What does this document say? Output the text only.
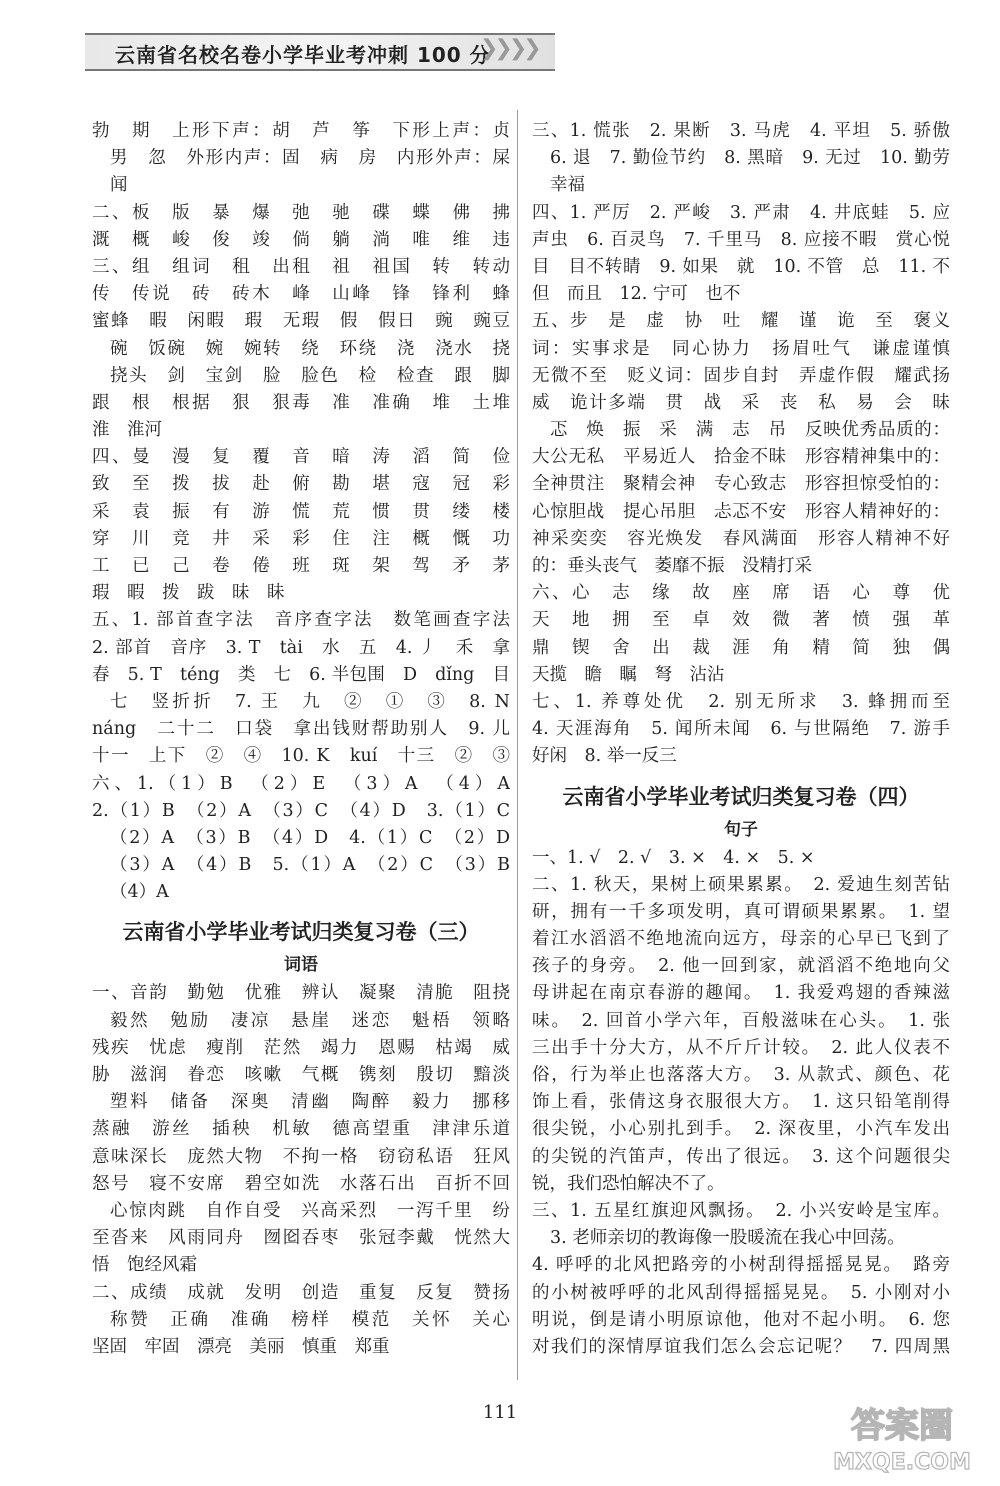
云南省名校名卷小学毕业考冲刺 100 分
❯❯❯❯
勃　期　上形下声：胡　芦　筝　下形上声：贞
男　忽　外形内声：固　病　房　内形外声：屎
闻
二、板　版　暴　爆　弛　驰　碟　蝶　佛　拂
溉　概　峻　俊　竣　倘　躺　淌　唯　维　违
三、组　组词　租　出租　祖　祖国　转　转动
传　传说　砖　砖木　峰　山峰　锋　锋利　蜂
蜜蜂　暇　闲暇　瑕　无瑕　假　假日　豌　豌豆
碗　饭碗　婉　婉转　绕　环绕　浇　浇水　挠
挠头　剑　宝剑　脸　脸色　检　检查　跟　脚
跟　根　根据　狠　狠毒　准　准确　堆　土堆
淮　淮河
四、曼　漫　复　覆　音　暗　涛　滔　简　俭
致　至　拨　拔　赴　俯　勘　堪　寇　冠　彩
采　袁　振　有　游　慌　荒　惯　贯　缕　楼
穿　川　竞　井　采　彩　住　注　概　慨　功
工　已　己　卷　倦　班　斑　架　驾　矛　茅
瑕　暇　拨　跋　昧　眛
五、1. 部首查字法　音序查字法　数笔画查字法
2. 部首　音序　3. T　tài　水　五　4. 丿　禾　拿
春　5. T　téng　类　七　6. 半包围　D　dǐng　目
七　竖折折　7. 王　九　②　①　③　8. N
náng　二十二　口袋　拿出钱财帮助别人　9. 儿
十一　上下　②　④　10. K　kuí　十三　②　③
六、1.（1）B　（2）E　（3）A　（4）A
2.（1）B　（2）A　（3）C　（4）D　3.（1）C
（2）A　（3）B　（4）D　4.（1）C　（2）D
（3）A　（4）B　5.（1）A　（2）C　（3）B
（4）A
云南省小学毕业考试归类复习卷（三）
词语
一、音韵　勤勉　优雅　辨认　凝聚　清脆　阻挠
毅然　勉励　凄凉　悬崖　迷恋　魁梧　领略
残疾　忧虑　瘦削　茫然　竭力　恩赐　枯竭　威
胁　滋润　眷恋　咳嗽　气概　镌刻　殷切　黯淡
塑料　储备　深奥　清幽　陶醉　毅力　挪移
蒸融　游丝　插秧　机敏　德高望重　津津乐道
意味深长　庞然大物　不拘一格　窃窃私语　狂风
怒号　寝不安席　碧空如洗　水落石出　百折不回
心惊肉跳　自作自受　兴高采烈　一泻千里　纷
至沓来　风雨同舟　囫囵吞枣　张冠李戴　恍然大
悟　饱经风霜
二、成绩　成就　发明　创造　重复　反复　赞扬
称赞　正确　准确　榜样　模范　关怀　关心
坚固　牢固　漂亮　美丽　慎重　郑重
三、1. 慌张　2. 果断　3. 马虎　4. 平坦　5. 骄傲
6. 退　7. 勤俭节约　8. 黑暗　9. 无过　10. 勤劳
幸福
四、1. 严厉　2. 严峻　3. 严肃　4. 井底蛙　5. 应
声虫　6. 百灵鸟　7. 千里马　8. 应接不暇　赏心悦
目　目不转睛　9. 如果　就　10. 不管　总　11. 不
但　而且　12. 宁可　也不
五、步　是　虚　协　吐　耀　谨　诡　至　褒义
词：实事求是　同心协力　扬眉吐气　谦虚谨慎
无微不至　贬义词：固步自封　弄虚作假　耀武扬
威　诡计多端　贯　战　采　丧　私　易　会　昧
忑　焕　振　采　满　志　吊　反映优秀品质的：
大公无私　平易近人　拾金不昧　形容精神集中的：
全神贯注　聚精会神　专心致志　形容担惊受怕的：
心惊胆战　提心吊胆　忐忑不安　形容人精神好的：
神采奕奕　容光焕发　春风满面　形容人精神不好
的：垂头丧气　萎靡不振　没精打采
六、心　志　缘　故　座　席　语　心　尊　优
天　地　拥　至　卓　效　微　著　愤　强　革
鼎　锲　舍　出　裁　涯　角　精　简　独　偶
天揽　瞻　瞩　弩　沾沾
七、1. 养尊处优　2. 别无所求　3. 蜂拥而至
4. 天涯海角　5. 闻所未闻　6. 与世隔绝　7. 游手
好闲　8. 举一反三
云南省小学毕业考试归类复习卷（四）
句子
一、1. √　2. √　3. ×　4. ×　5. ×
二、1. 秋天，果树上硕果累累。　2. 爱迪生刻苦钻
研，拥有一千多项发明，真可谓硕果累累。　1. 望
着江水滔滔不绝地流向远方，母亲的心早已飞到了
孩子的身旁。　2. 他一回到家，就滔滔不绝地向父
母讲起在南京春游的趣闻。　1. 我爱鸡翅的香辣滋
味。　2. 回首小学六年，百般滋味在心头。　1. 张
三出手十分大方，从不斤斤计较。　2. 此人仪表不
俗，行为举止也落落大方。　3. 从款式、颜色、花
饰上看，张倩这身衣服很大方。　1. 这只铅笔削得
很尖锐，小心别扎到手。　2. 深夜里，小汽车发出
的尖锐的汽笛声，传出了很远。　3. 这个问题很尖
锐，我们恐怕解决不了。
三、1. 五星红旗迎风飘扬。　2. 小兴安岭是宝库。
3. 老师亲切的教诲像一股暖流在我心中回荡。
4. 呼呼的北风把路旁的小树刮得摇摇晃晃。　路旁
的小树被呼呼的北风刮得摇摇晃晃。　5. 小刚对小
明说，倒是请小明原谅他，他对不起小明。　6. 您
对我们的深情厚谊我们怎么会忘记呢？　7. 四周黑
111	答案圈
MXQE.COM
